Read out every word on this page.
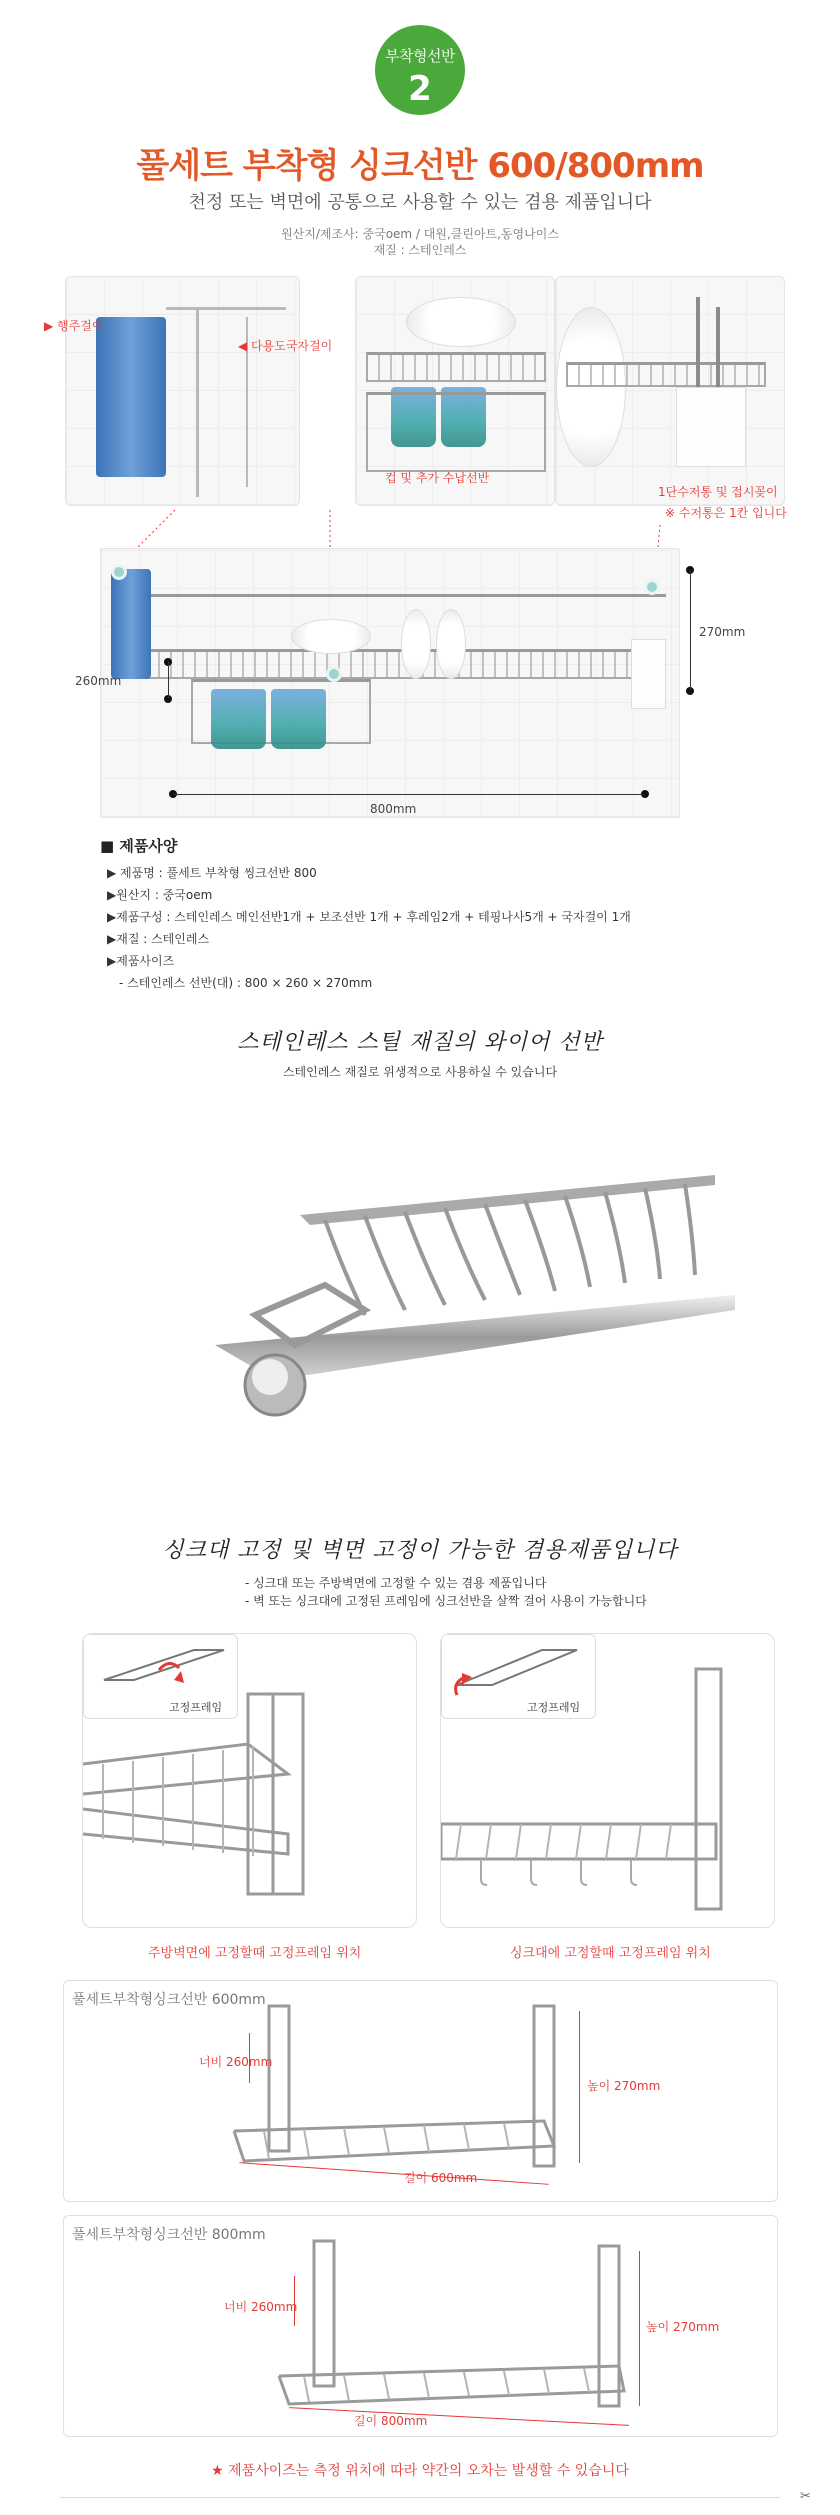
부착형선반
2
풀세트 부착형 싱크선반 600/800mm
천정 또는 벽면에 공통으로 사용할 수 있는 겸용 제품입니다
원산지/제조사: 중국oem / 대원,클린아트,동영나이스
재질 : 스테인레스
▶ 행주걸이
◀ 다용도국자걸이
컵 및 추가 수납선반
1단수저통 및 접시꽂이
※ 수저통은 1칸 입니다
260mm
270mm
800mm
■ 제품사양
▶ 제품명 : 풀세트 부착형 씽크선반 800
▶원산지 : 중국oem
▶제품구성 : 스테인레스 메인선반1개 + 보조선반 1개 + 후레임2개 + 테핑나사5개 + 국자걸이 1개
▶재질 : 스테인레스
▶제품사이즈
- 스테인레스 선반(대) : 800 × 260 × 270mm
스테인레스 스틸 재질의 와이어 선반
스테인레스 재질로 위생적으로 사용하실 수 있습니다
싱크대 고정 및 벽면 고정이 가능한 겸용제품입니다
- 싱크대 또는 주방벽면에 고정할 수 있는 겸용 제품입니다
- 벽 또는 싱크대에 고정된 프레임에 싱크선반을 살짝 걸어 사용이 가능합니다
고정프레임
주방벽면에 고정할때 고정프레임 위치
고정프레임
싱크대에 고정할때 고정프레임 위치
풀세트부착형싱크선반 600mm
너비 260mm
높이 270mm
길이 600mm
풀세트부착형싱크선반 800mm
너비 260mm
높이 270mm
길이 800mm
★ 제품사이즈는 측정 위치에 따라 약간의 오차는 발생할 수 있습니다
✂
